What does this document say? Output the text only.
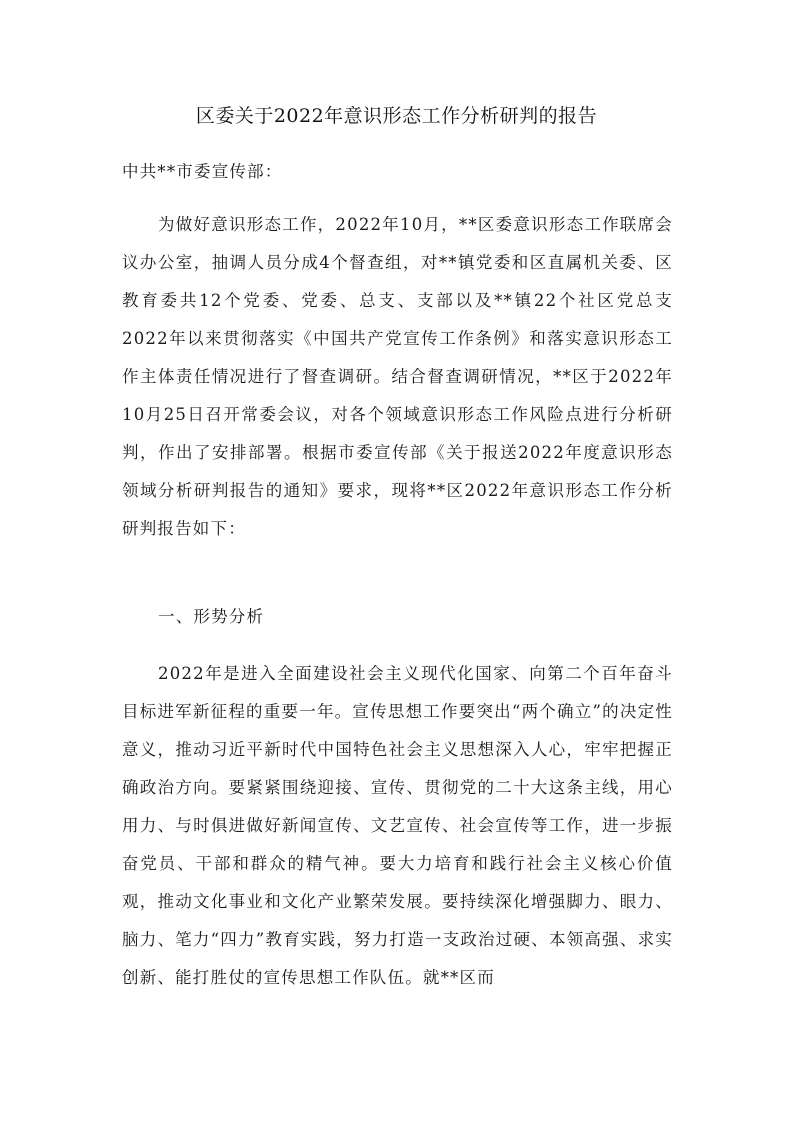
区委关于2022年意识形态工作分析研判的报告
中共**市委宣传部：

为做好意识形态工作，2022年10月，**区委意识形态工作联席会议办公室，抽调人员分成4个督查组，对**镇党委和区直属机关委、区教育委共12个党委、党委、总支、支部以及**镇22个社区党总支2022年以来贯彻落实《中国共产党宣传工作条例》和落实意识形态工作主体责任情况进行了督查调研。结合督查调研情况，**区于2022年10月25日召开常委会议，对各个领域意识形态工作风险点进行分析研判，作出了安排部署。根据市委宣传部《关于报送2022年度意识形态领域分析研判报告的通知》要求，现将**区2022年意识形态工作分析研判报告如下：

一、形势分析

2022年是进入全面建设社会主义现代化国家、向第二个百年奋斗目标进军新征程的重要一年。宣传思想工作要突出“两个确立”的决定性意义，推动习近平新时代中国特色社会主义思想深入人心，牢牢把握正确政治方向。要紧紧围绕迎接、宣传、贯彻党的二十大这条主线，用心用力、与时俱进做好新闻宣传、文艺宣传、社会宣传等工作，进一步振奋党员、干部和群众的精气神。要大力培育和践行社会主义核心价值观，推动文化事业和文化产业繁荣发展。要持续深化增强脚力、眼力、脑力、笔力“四力”教育实践，努力打造一支政治过硬、本领高强、求实创新、能打胜仗的宣传思想工作队伍。就**区而
